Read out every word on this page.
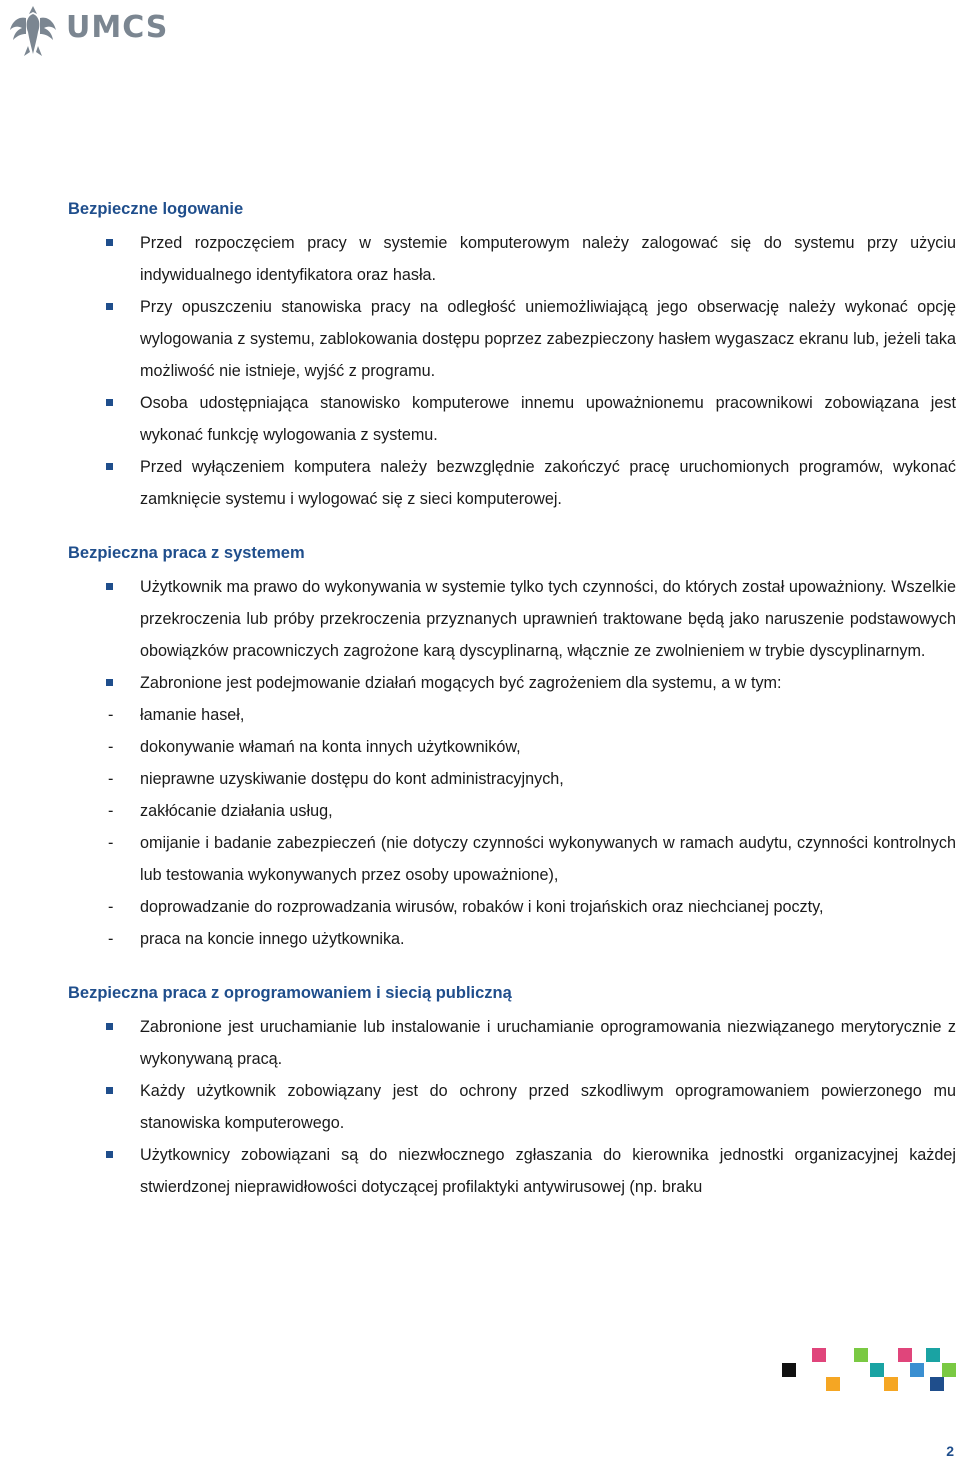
UMCS
Bezpieczne logowanie
Przed rozpoczęciem pracy w systemie komputerowym należy zalogować się do systemu przy użyciu indywidualnego identyfikatora oraz hasła.
Przy opuszczeniu stanowiska pracy na odległość uniemożliwiającą jego obserwację należy wykonać opcję wylogowania z systemu, zablokowania dostępu poprzez zabezpieczony hasłem wygaszacz ekranu lub, jeżeli taka możliwość nie istnieje, wyjść z programu.
Osoba udostępniająca stanowisko komputerowe innemu upoważnionemu pracownikowi zobowiązana jest wykonać funkcję wylogowania z systemu.
Przed wyłączeniem komputera należy bezwzględnie zakończyć pracę uruchomionych programów, wykonać zamknięcie systemu i wylogować się z sieci komputerowej.
Bezpieczna praca z systemem
Użytkownik ma prawo do wykonywania w systemie tylko tych czynności, do których został upoważniony. Wszelkie przekroczenia lub próby przekroczenia przyznanych uprawnień traktowane będą jako naruszenie podstawowych obowiązków pracowniczych zagrożone karą dyscyplinarną, włącznie ze zwolnieniem w trybie dyscyplinarnym.
Zabronione jest podejmowanie działań mogących być zagrożeniem dla systemu, a w tym:
- łamanie haseł,
- dokonywanie włamań na konta innych użytkowników,
- nieprawne uzyskiwanie dostępu do kont administracyjnych,
- zakłócanie działania usług,
- omijanie i badanie zabezpieczeń (nie dotyczy czynności wykonywanych w ramach audytu, czynności kontrolnych lub testowania wykonywanych przez osoby upoważnione),
- doprowadzanie do rozprowadzania wirusów, robaków i koni trojańskich oraz niechcianej poczty,
- praca na koncie innego użytkownika.
Bezpieczna praca z oprogramowaniem i siecią publiczną
Zabronione jest uruchamianie lub instalowanie i uruchamianie oprogramowania niezwiązanego merytorycznie z wykonywaną pracą.
Każdy użytkownik zobowiązany jest do ochrony przed szkodliwym oprogramowaniem powierzonego mu stanowiska komputerowego.
Użytkownicy zobowiązani są do niezwłocznego zgłaszania do kierownika jednostki organizacyjnej każdej stwierdzonej nieprawidłowości dotyczącej profilaktyki antywirusowej (np. braku
2
